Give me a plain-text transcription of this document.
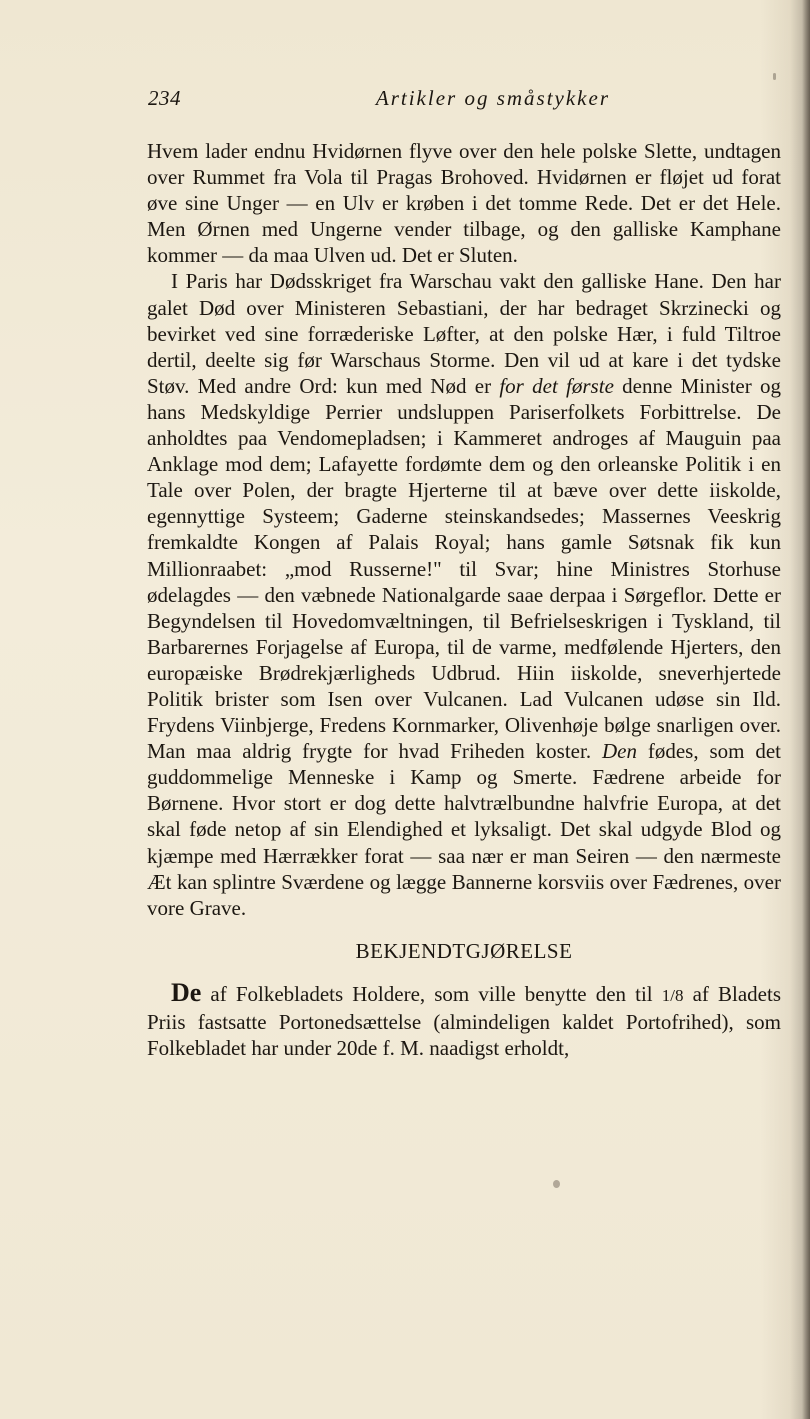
234	Artikler og småstykker

Hvem lader endnu Hvidørnen flyve over den hele polske Slette, undtagen over Rummet fra Vola til Pragas Brohoved. Hvidørnen er fløjet ud forat øve sine Unger — en Ulv er krøben i det tomme Rede. Det er det Hele. Men Ørnen med Ungerne vender tilbage, og den galliske Kamphane kommer — da maa Ulven ud. Det er Sluten.

I Paris har Dødsskriget fra Warschau vakt den galliske Hane. Den har galet Død over Ministeren Sebastiani, der har bedraget Skrzinecki og bevirket ved sine forræderiske Løfter, at den polske Hær, i fuld Tiltroe dertil, deelte sig før Warschaus Storme. Den vil ud at kare i det tydske Støv. Med andre Ord: kun med Nød er for det første denne Minister og hans Medskyldige Perrier undsluppen Pariserfolkets Forbittrelse. De anholdtes paa Vendomepladsen; i Kammeret androges af Mauguin paa Anklage mod dem; Lafayette fordømte dem og den orleanske Politik i en Tale over Polen, der bragte Hjerterne til at bæve over dette iiskolde, egennyttige Systeem; Gaderne steinskandsedes; Massernes Veeskrig fremkaldte Kongen af Palais Royal; hans gamle Søtsnak fik kun Millionraabet: „mod Russerne!" til Svar; hine Ministres Storhuse ødelagdes — den væbnede Nationalgarde saae derpaa i Sørgeflor. Dette er Begyndelsen til Hovedomvæltningen, til Befrielseskrigen i Tyskland, til Barbarernes Forjagelse af Europa, til de varme, medfølende Hjerters, den europæiske Brødrekjærligheds Udbrud. Hiin iiskolde, sneverhjertede Politik brister som Isen over Vulcanen. Lad Vulcanen udøse sin Ild. Frydens Viinbjerge, Fredens Kornmarker, Olivenhøje bølge snarligen over. Man maa aldrig frygte for hvad Friheden koster. Den fødes, som det guddommelige Menneske i Kamp og Smerte. Fædrene arbeide for Børnene. Hvor stort er dog dette halvtrælbundne halvfrie Europa, at det skal føde netop af sin Elendighed et lyksaligt. Det skal udgyde Blod og kjæmpe med Hærrækker forat — saa nær er man Seiren — den nærmeste Æt kan splintre Sværdene og lægge Bannerne korsviis over Fædrenes, over vore Grave.

BEKJENDTGJØRELSE

De af Folkebladets Holdere, som ville benytte den til 1/8 af Bladets Priis fastsatte Portonedsættelse (almindeligen kaldet Portofrihed), som Folkebladet har under 20de f. M. naadigst erholdt,
